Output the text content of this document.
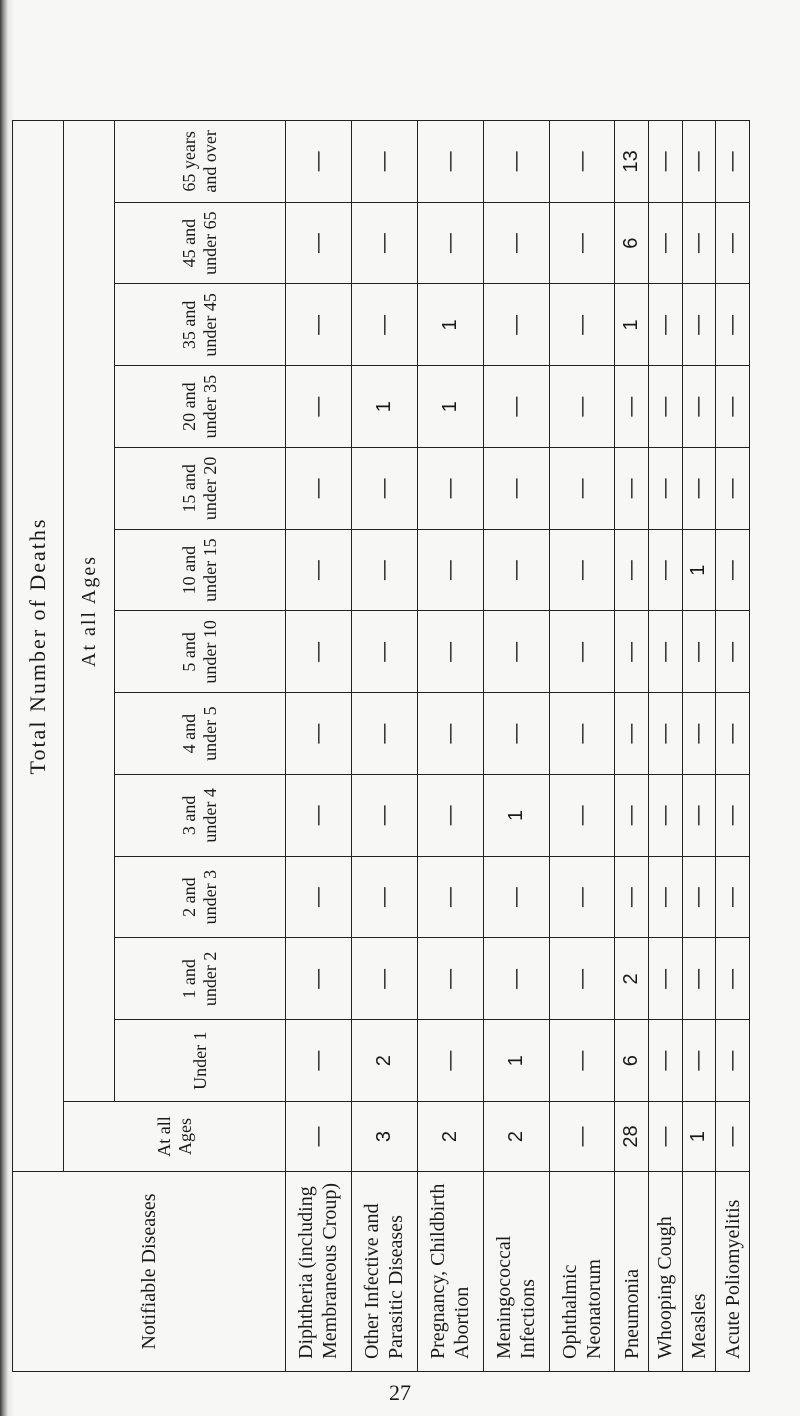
Notifiable Diseases	Total Number of Deaths												
	At all Ages	At all Ages											
		Under 1	1 and under 2	2 and under 3	3 and under 4	4 and under 5	5 and under 10	10 and under 15	15 and under 20	20 and under 35	35 and under 45	45 and under 65	65 years and over
Diphtheria (including Membraneous Croup)	—	—	—	—	—	—	—	—	—	—	—	—	—
Other Infective and Parasitic Diseases	3	2	—	—	—	—	—	—	—	1	—	—	—
Pregnancy, Childbirth Abortion	2	—	—	—	—	—	—	—	—	1	1	—	—
Meningococcal Infections	2	1	—	—	1	—	—	—	—	—	—	—	—
Ophthalmic Neonatorum	—	—	—	—	—	—	—	—	—	—	—	—	—
Pneumonia	28	6	2	—	—	—	—	—	—	—	1	6	13
Whooping Cough	—	—	—	—	—	—	—	—	—	—	—	—	—
Measles	1	—	—	—	—	—	—	1	—	—	—	—	—
Acute Poliomyelitis	—	—	—	—	—	—	—	—	—	—	—	—	—
27
